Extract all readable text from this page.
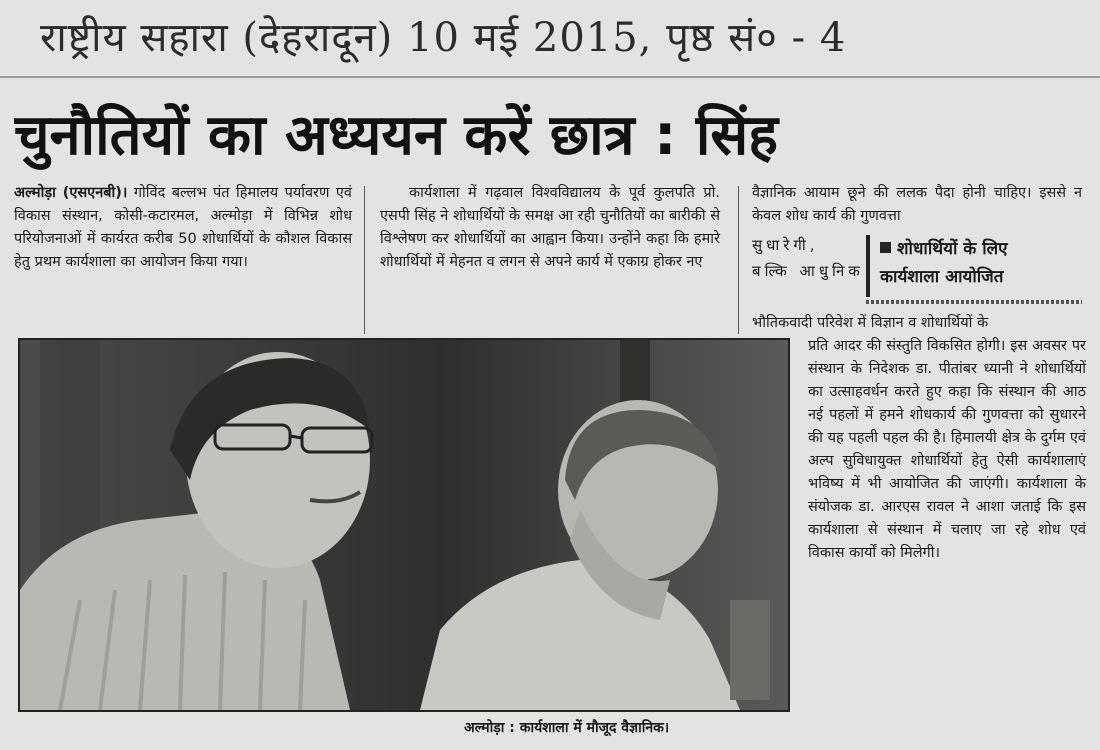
राष्ट्रीय सहारा (देहरादून) 10 मई 2015, पृष्ठ सं० - 4
चुनौतियों का अध्ययन करें छात्र : सिंह

अल्मोड़ा (एसएनबी)। गोविंद बल्लभ पंत हिमालय पर्यावरण एवं विकास संस्थान, कोसी-कटारमल, अल्मोड़ा में विभिन्न शोध परियोजनाओं में कार्यरत करीब 50 शोधार्थियों के कौशल विकास हेतु प्रथम कार्यशाला का आयोजन किया गया।

कार्यशाला में गढ़वाल विश्वविद्यालय के पूर्व कुलपति प्रो. एसपी सिंह ने शोधार्थियों के समक्ष आ रही चुनौतियों का बारीकी से विश्लेषण कर शोधार्थियों का आह्वान किया। उन्होंने कहा कि हमारे शोधार्थियों में मेहनत व लगन से अपने कार्य में एकाग्र होकर नए

वैज्ञानिक आयाम छूने की ललक पैदा होनी चाहिए। इससे न केवल शोध कार्य की गुणवत्ता
सुधारेगी, बल्कि आधुनिक
शोधार्थियों के लिए
कार्यशाला आयोजित
भौतिकवादी परिवेश में विज्ञान व शोधार्थियों के
प्रति आदर की संस्तुति विकसित होगी। इस अवसर पर संस्थान के निदेशक डा. पीतांबर ध्यानी ने शोधार्थियों का उत्साहवर्धन करते हुए कहा कि संस्थान की आठ नई पहलों में हमने शोधकार्य की गुणवत्ता को सुधारने की यह पहली पहल की है। हिमालयी क्षेत्र के दुर्गम एवं अल्प सुविधायुक्त शोधार्थियों हेतु ऐसी कार्यशालाएं भविष्य में भी आयोजित की जाएंगी। कार्यशाला के संयोजक डा. आरएस रावल ने आशा जताई कि इस कार्यशाला से संस्थान में चलाए जा रहे शोध एवं विकास कार्यों को मिलेगी।
अल्मोड़ा : कार्यशाला में मौजूद वैज्ञानिक।
